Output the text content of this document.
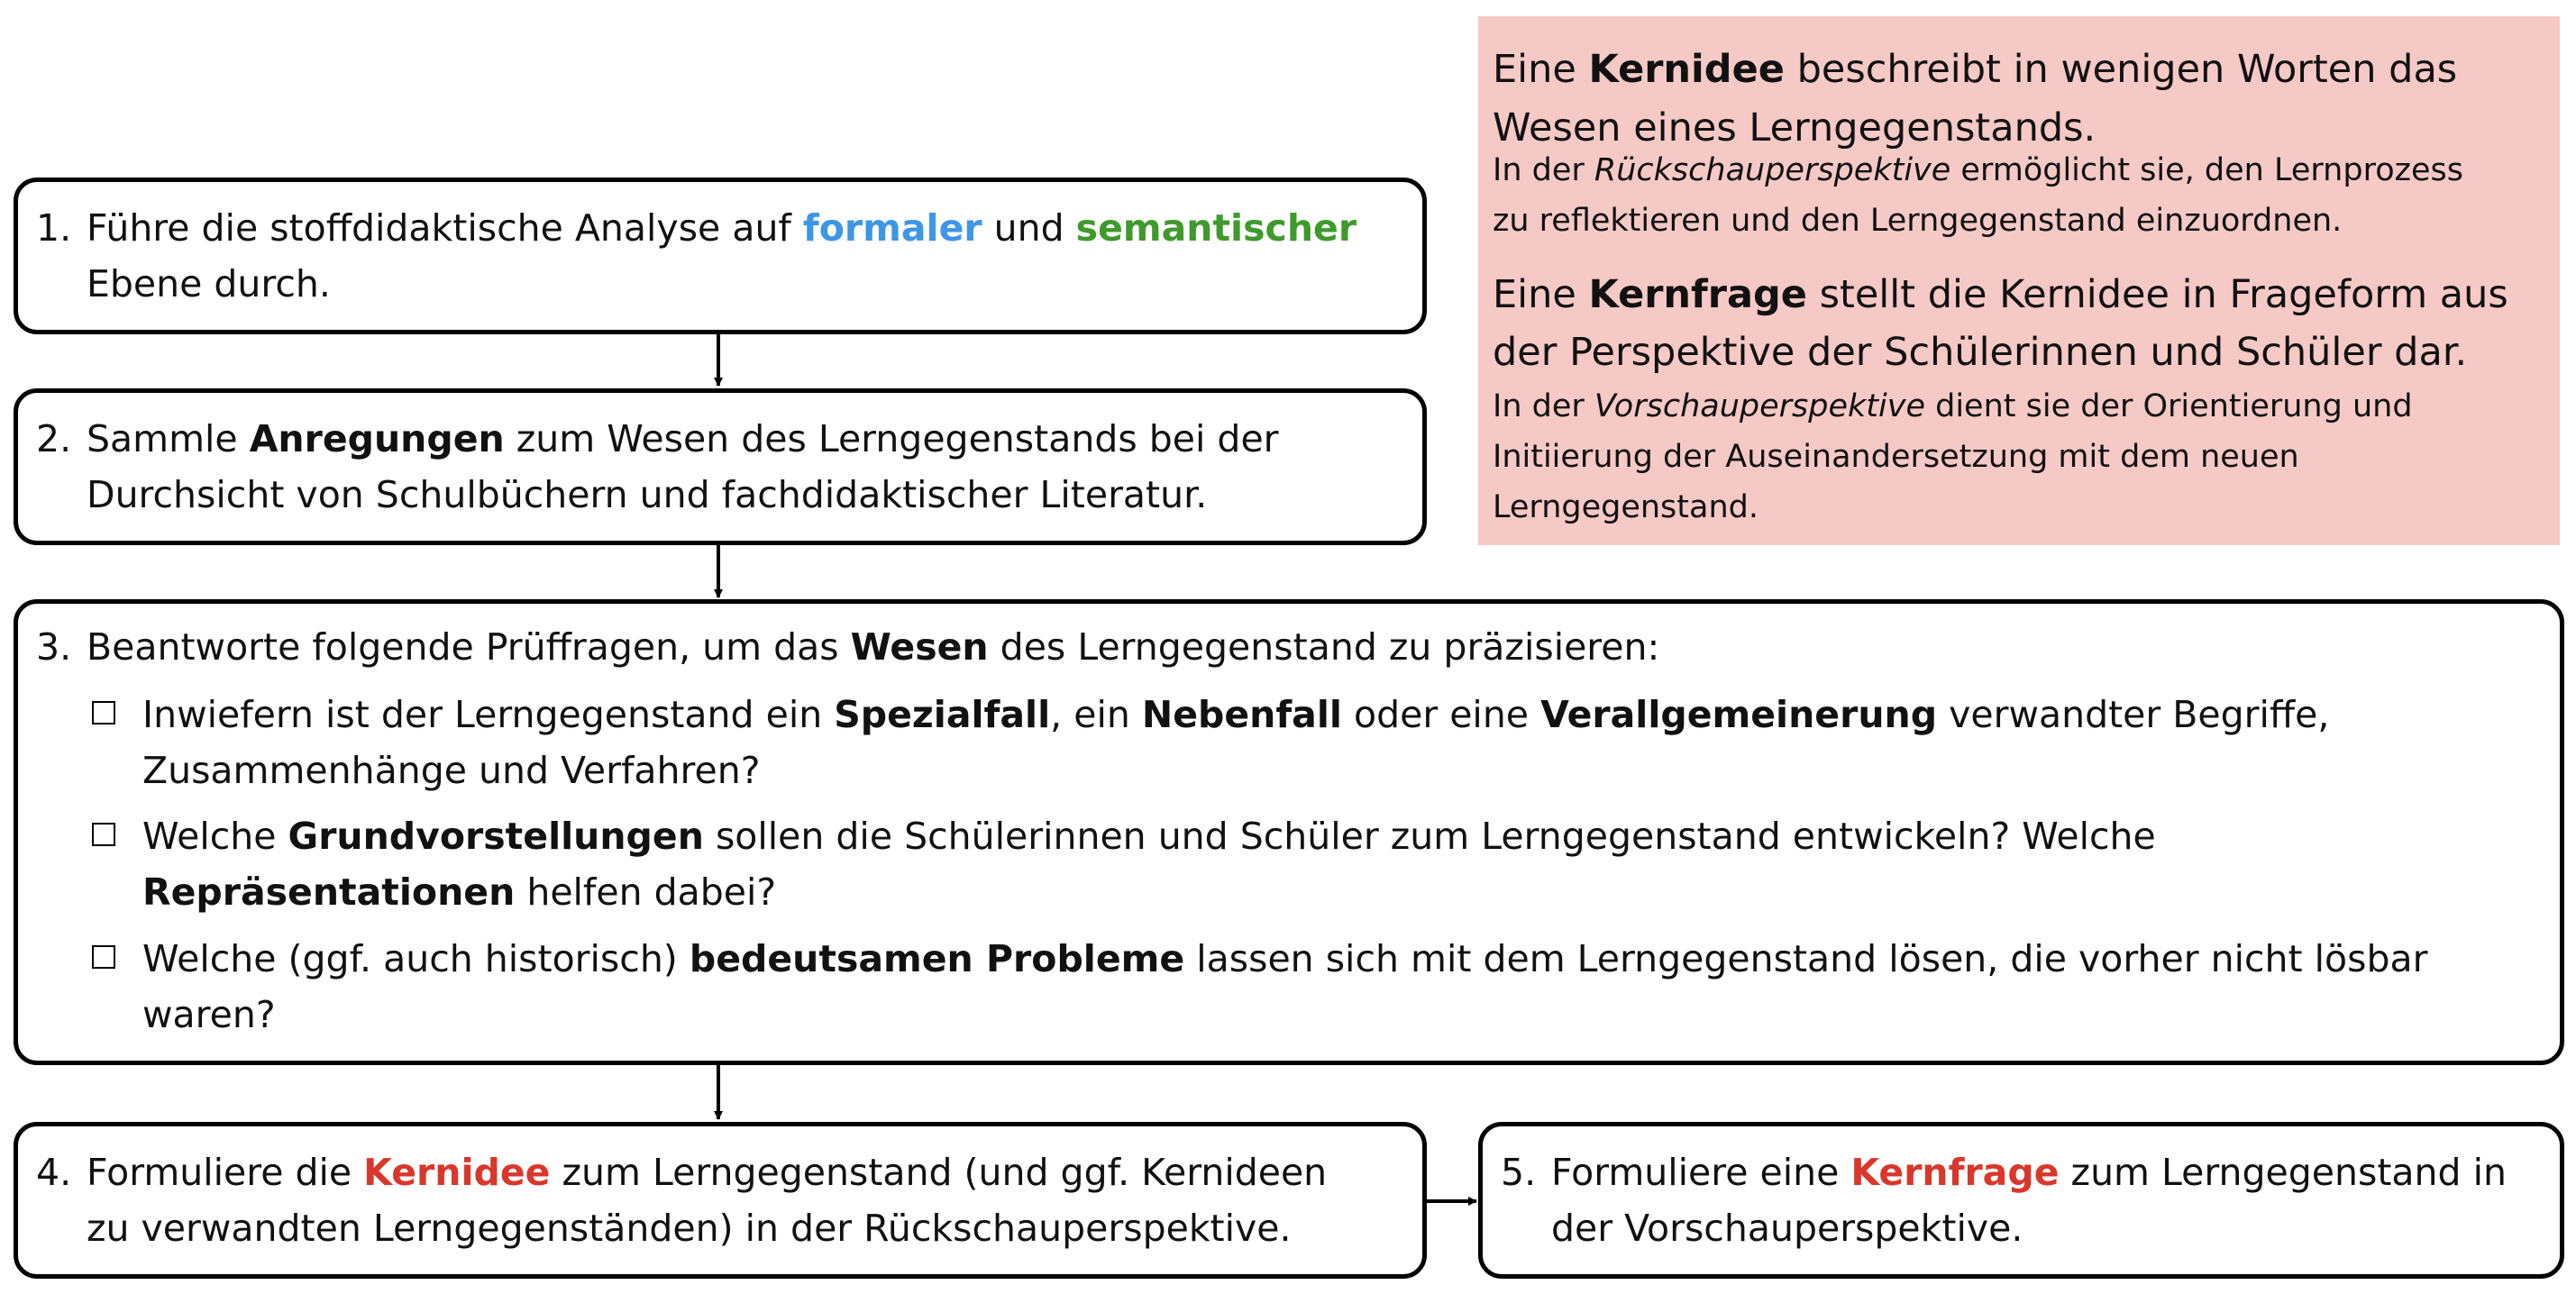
Eine Kernidee beschreibt in wenigen Worten das
Wesen eines Lerngegenstands.
In der Rückschauperspektive ermöglicht sie, den Lernprozess
zu reflektieren und den Lerngegenstand einzuordnen.
Eine Kernfrage stellt die Kernidee in Frageform aus
der Perspektive der Schülerinnen und Schüler dar.
In der Vorschauperspektive dient sie der Orientierung und
Initiierung der Auseinandersetzung mit dem neuen
Lerngegenstand.
1. Führe die stoffdidaktische Analyse auf formaler und semantischer
Ebene durch.
2. Sammle Anregungen zum Wesen des Lerngegenstands bei der
Durchsicht von Schulbüchern und fachdidaktischer Literatur.
3. Beantworte folgende Prüffragen, um das Wesen des Lerngegenstand zu präzisieren:
Inwiefern ist der Lerngegenstand ein Spezialfall, ein Nebenfall oder eine Verallgemeinerung verwandter Begriffe,
Zusammenhänge und Verfahren?
Welche Grundvorstellungen sollen die Schülerinnen und Schüler zum Lerngegenstand entwickeln? Welche
Repräsentationen helfen dabei?
Welche (ggf. auch historisch) bedeutsamen Probleme lassen sich mit dem Lerngegenstand lösen, die vorher nicht lösbar
waren?
4. Formuliere die Kernidee zum Lerngegenstand (und ggf. Kernideen
zu verwandten Lerngegenständen) in der Rückschauperspektive.
5. Formuliere eine Kernfrage zum Lerngegenstand in
der Vorschauperspektive.
